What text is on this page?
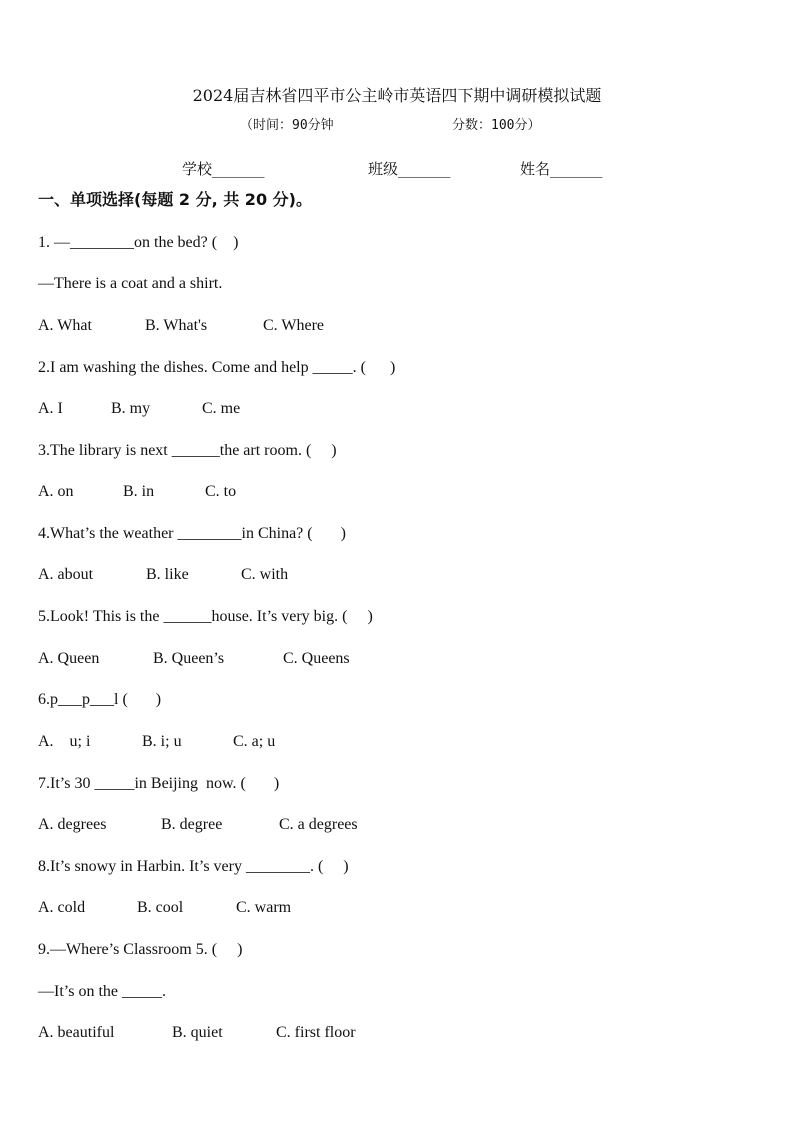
2024届吉林省四平市公主岭市英语四下期中调研模拟试题
（时间：90分钟	分数：100分）
学校_______	班级_______	姓名_______
一、单项选择(每题 2 分, 共 20 分)。
1. —________on the bed? (    )
—There is a coat and a shirt.

A. What

	B. What's

	C. Where

2.I am washing the dishes. Come and help _____. (      )

A. I

	B. my

	C. me

3.The library is next ______the art room. (     )

A. on

	B. in

	C. to

4.What’s the weather ________in China? (       )

A. about

	B. like

	C. with

5.Look! This is the ______house. It’s very big. (     )

A. Queen

	B. Queen’s

	C. Queens

6.p___p___l (       )

A.    u; i

	B. i; u

	C. a; u

7.It’s 30 _____in Beijing  now. (       )

A. degrees

	B. degree

	C. a degrees

8.It’s snowy in Harbin. It’s very ________. (     )

A. cold

	B. cool

	C. warm

9.—Where’s Classroom 5. (     )
—It’s on the _____.

A. beautiful

	B. quiet

	C. first floor
